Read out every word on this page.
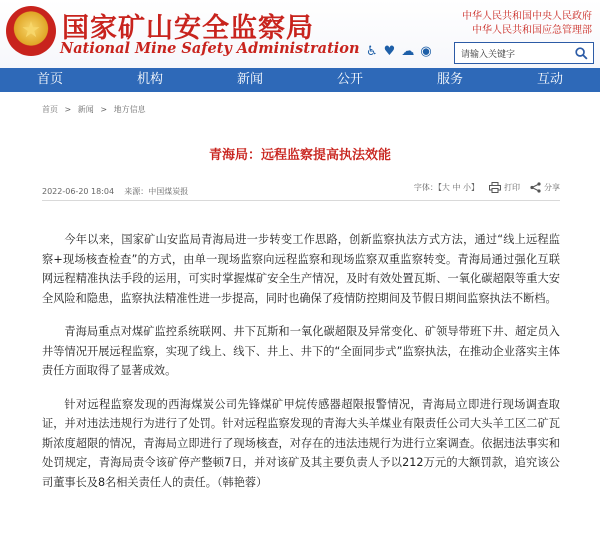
★ 国家矿山安全监察局
National Mine Safety Administration
中华人民共和国中央人民政府
中华人民共和国应急管理部
♿ ♥ ☁ ◉	请输入关键字
首页	机构	新闻	公开	服务	互动
首页 > 新闻 > 地方信息
青海局：远程监察提高执法效能
2022-06-20 18:04 来源：中国煤炭报	字体：【大 中 小】	打印	分享

今年以来，国家矿山安监局青海局进一步转变工作思路，创新监察执法方式方法，通过“线上远程监察+现场核查检查”的方式，由单一现场监察向远程监察和现场监察双重监察转变。青海局通过强化互联网远程精准执法手段的运用，可实时掌握煤矿安全生产情况，及时有效处置瓦斯、一氧化碳超限等重大安全风险和隐患，监察执法精准性进一步提高，同时也确保了疫情防控期间及节假日期间监察执法不断档。

青海局重点对煤矿监控系统联网、井下瓦斯和一氧化碳超限及异常变化、矿领导带班下井、超定员入井等情况开展远程监察，实现了线上、线下、井上、井下的“全面同步式”监察执法，在推动企业落实主体责任方面取得了显著成效。

针对远程监察发现的西海煤炭公司先锋煤矿甲烷传感器超限报警情况，青海局立即进行现场调查取证，并对违法违规行为进行了处罚。针对远程监察发现的青海大头羊煤业有限责任公司大头羊工区二矿瓦斯浓度超限的情况，青海局立即进行了现场核查，对存在的违法违规行为进行立案调查。依据违法事实和处罚规定，青海局责令该矿停产整顿7日，并对该矿及其主要负责人予以212万元的大额罚款，追究该公司董事长及8名相关责任人的责任。（韩艳蓉）
